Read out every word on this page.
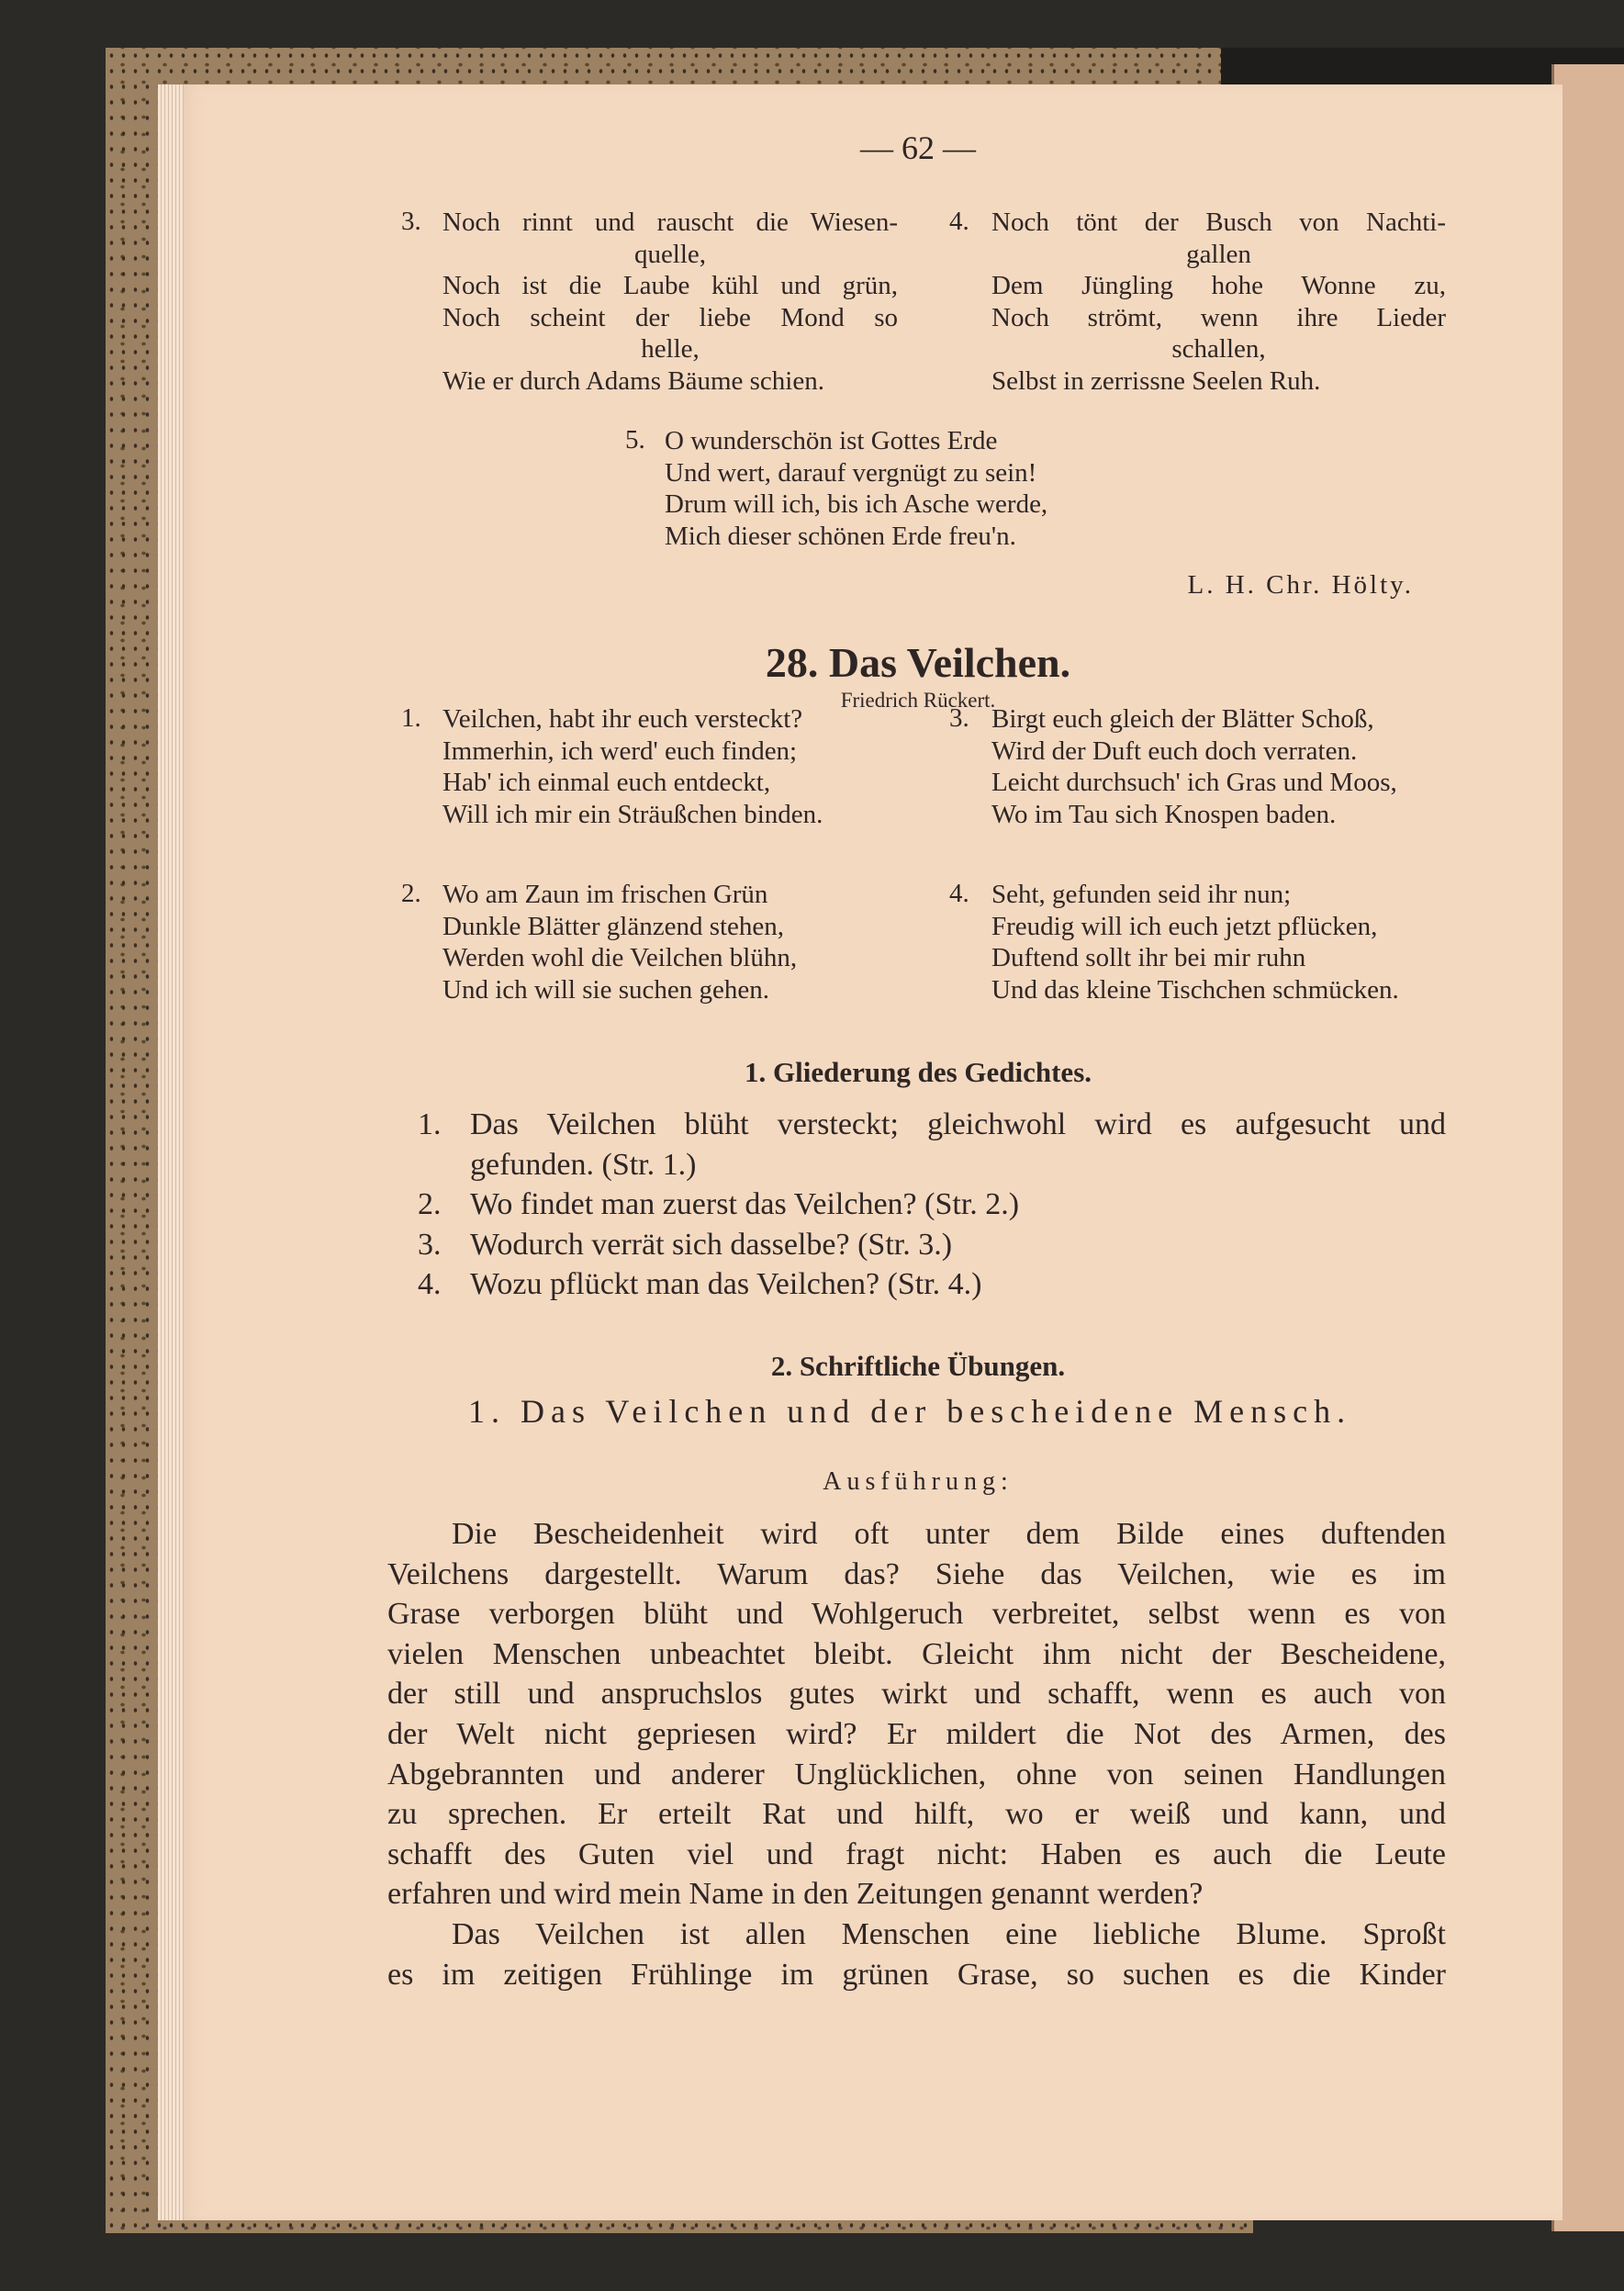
— 62 —
3. Noch rinnt und rauscht die Wiesen-
quelle,
Noch ist die Laube kühl und grün,
Noch scheint der liebe Mond so
helle,
Wie er durch Adams Bäume schien.
4. Noch tönt der Busch von Nachti-
gallen
Dem Jüngling hohe Wonne zu,
Noch strömt, wenn ihre Lieder
schallen,
Selbst in zerrissne Seelen Ruh.
5. O wunderschön ist Gottes Erde
Und wert, darauf vergnügt zu sein!
Drum will ich, bis ich Asche werde,
Mich dieser schönen Erde freu'n.
L. H. Chr. Hölty.
28. Das Veilchen.
Friedrich Rückert.
1. Veilchen, habt ihr euch versteckt?
Immerhin, ich werd' euch finden;
Hab' ich einmal euch entdeckt,
Will ich mir ein Sträußchen binden.
2. Wo am Zaun im frischen Grün
Dunkle Blätter glänzend stehen,
Werden wohl die Veilchen blühn,
Und ich will sie suchen gehen.
3. Birgt euch gleich der Blätter Schoß,
Wird der Duft euch doch verraten.
Leicht durchsuch' ich Gras und Moos,
Wo im Tau sich Knospen baden.
4. Seht, gefunden seid ihr nun;
Freudig will ich euch jetzt pflücken,
Duftend sollt ihr bei mir ruhn
Und das kleine Tischchen schmücken.
1. Gliederung des Gedichtes.
1. Das Veilchen blüht versteckt; gleichwohl wird es aufgesucht und
gefunden. (Str. 1.)
2. Wo findet man zuerst das Veilchen? (Str. 2.)
3. Wodurch verrät sich dasselbe? (Str. 3.)
4. Wozu pflückt man das Veilchen? (Str. 4.)
2. Schriftliche Übungen.
1. Das Veilchen und der bescheidene Mensch.
Ausführung:
Die Bescheidenheit wird oft unter dem Bilde eines duftenden
Veilchens dargestellt. Warum das? Siehe das Veilchen, wie es im
Grase verborgen blüht und Wohlgeruch verbreitet, selbst wenn es von
vielen Menschen unbeachtet bleibt. Gleicht ihm nicht der Bescheidene,
der still und anspruchslos gutes wirkt und schafft, wenn es auch von
der Welt nicht gepriesen wird? Er mildert die Not des Armen, des
Abgebrannten und anderer Unglücklichen, ohne von seinen Handlungen
zu sprechen. Er erteilt Rat und hilft, wo er weiß und kann, und
schafft des Guten viel und fragt nicht: Haben es auch die Leute
erfahren und wird mein Name in den Zeitungen genannt werden?
Das Veilchen ist allen Menschen eine liebliche Blume. Sproßt
es im zeitigen Frühlinge im grünen Grase, so suchen es die Kinder
